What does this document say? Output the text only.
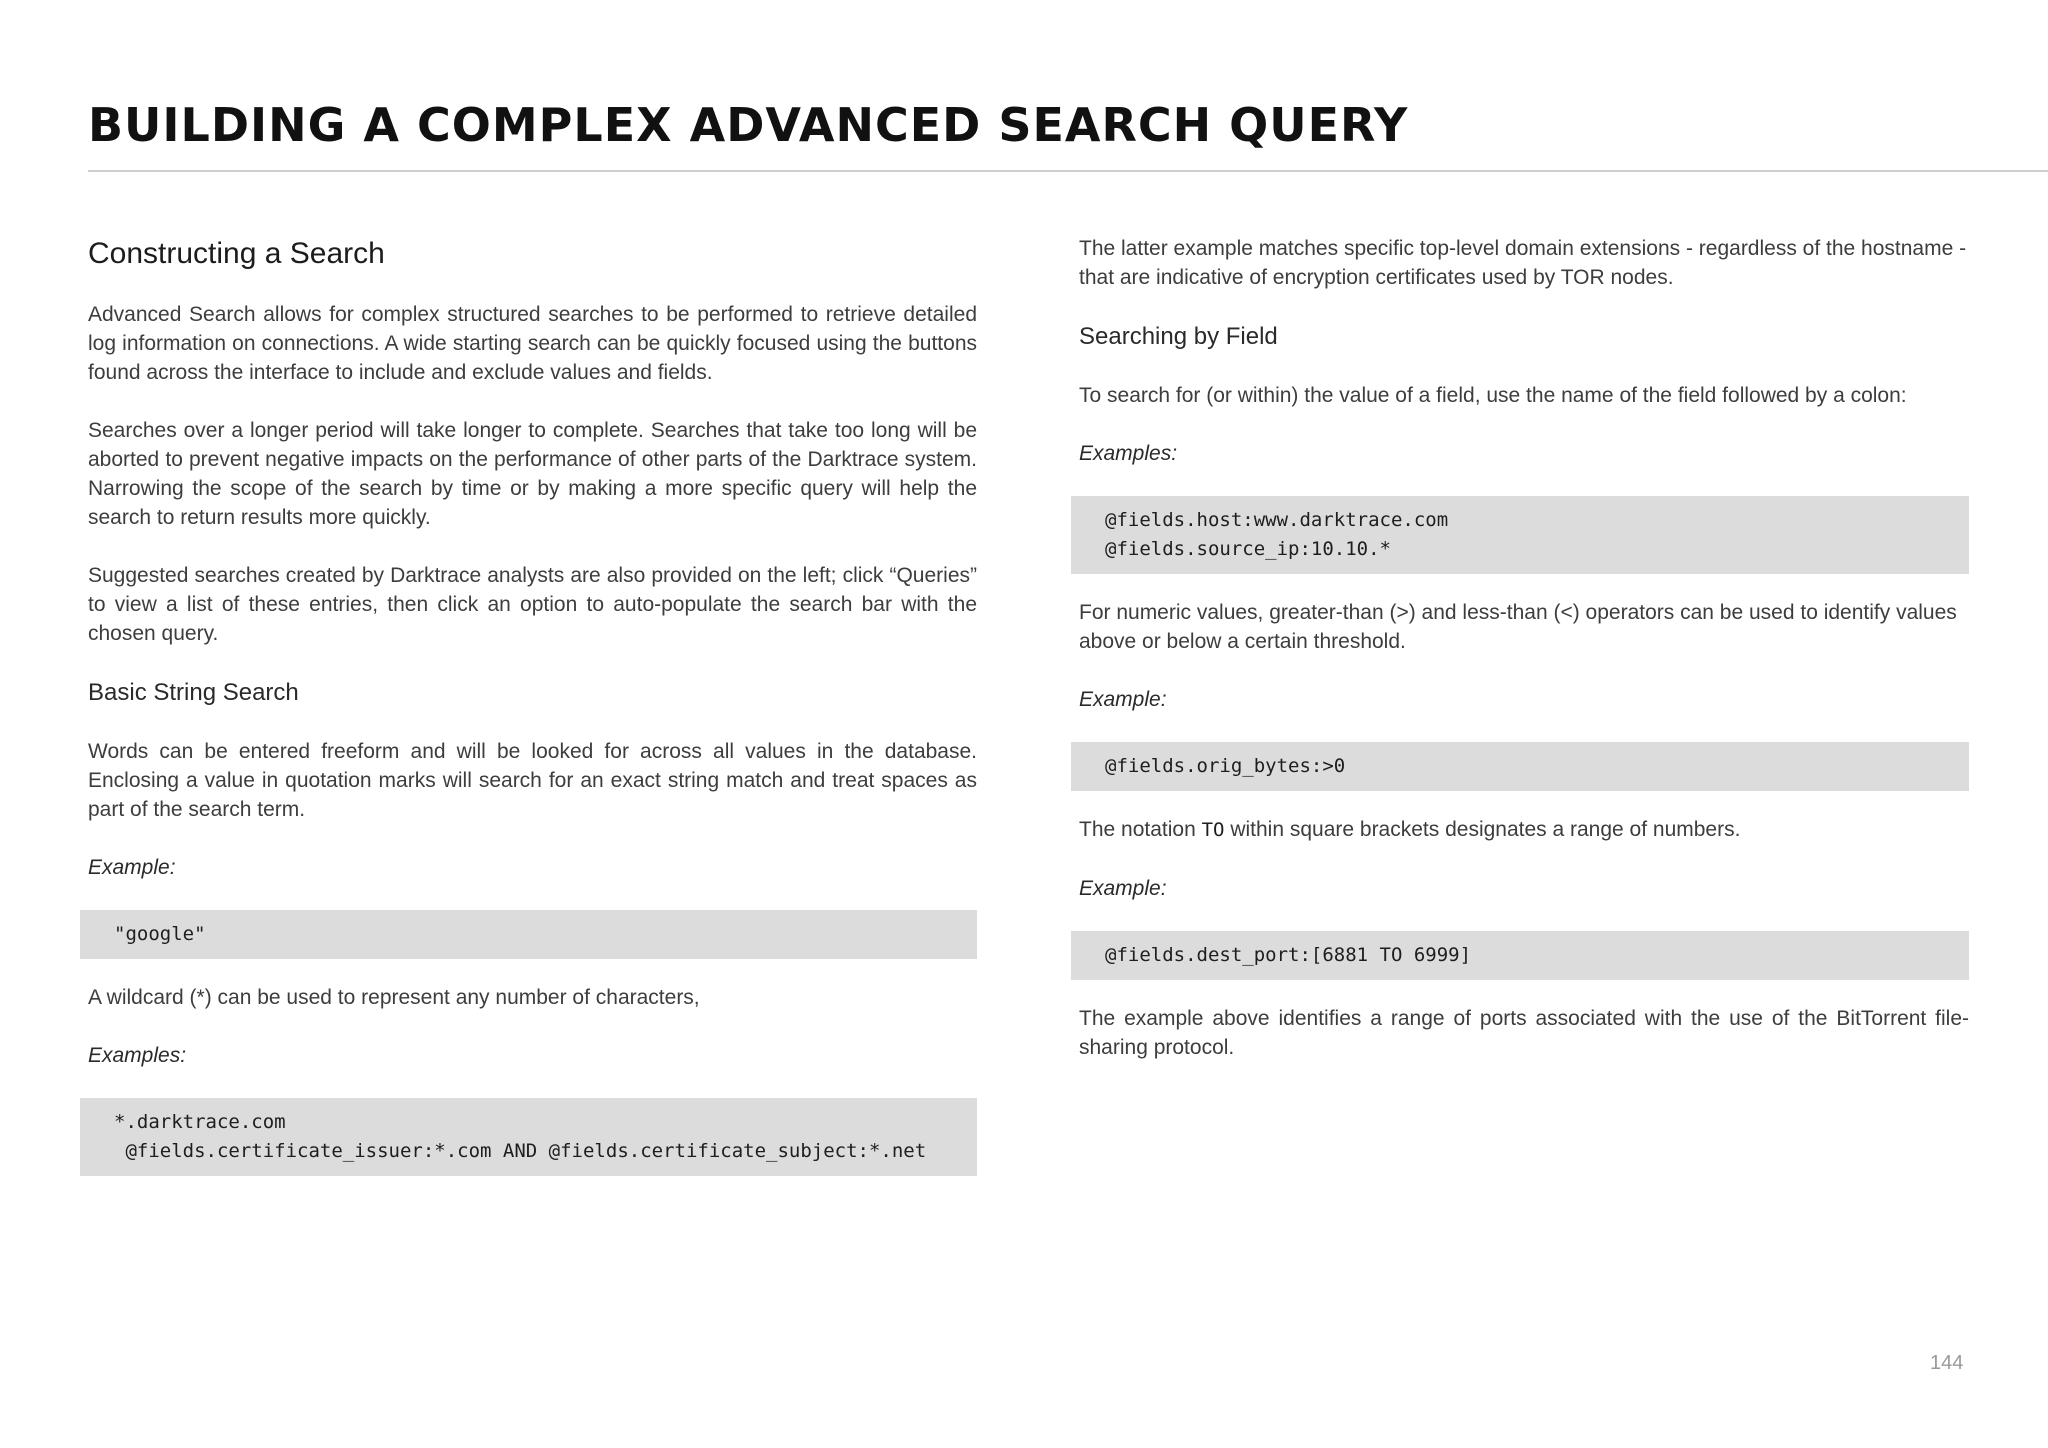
BUILDING A COMPLEX ADVANCED SEARCH QUERY
Constructing a Search

Advanced Search allows for complex structured searches to be performed to retrieve detailed log information on connections. A wide starting search can be quickly focused using the buttons found across the interface to include and exclude values and fields.

Searches over a longer period will take longer to complete. Searches that take too long will be aborted to prevent negative impacts on the performance of other parts of the Darktrace system. Narrowing the scope of the search by time or by making a more specific query will help the search to return results more quickly.

Suggested searches created by Darktrace analysts are also provided on the left; click “Queries” to view a list of these entries, then click an option to auto-populate the search bar with the chosen query.

Basic String Search

Words can be entered freeform and will be looked for across all values in the database. Enclosing a value in quotation marks will search for an exact string match and treat spaces as part of the search term.

Example:

"google"

A wildcard (*) can be used to represent any number of characters,

Examples:

*.darktrace.com
@fields.certificate_issuer:*.com AND @fields.certificate_subject:*.net

The latter example matches specific top-level domain extensions - regardless of the hostname - that are indicative of encryption certificates used by TOR nodes.

Searching by Field

To search for (or within) the value of a field, use the name of the field followed by a colon:

Examples:

@fields.host:www.darktrace.com
@fields.source_ip:10.10.*

For numeric values, greater-than (>) and less-than (<) operators can be used to identify values above or below a certain threshold.

Example:

@fields.orig_bytes:>0

The notation TO within square brackets designates a range of numbers.

Example:

@fields.dest_port:[6881 TO 6999]

The example above identifies a range of ports associated with the use of the BitTorrent file-sharing protocol.

144
